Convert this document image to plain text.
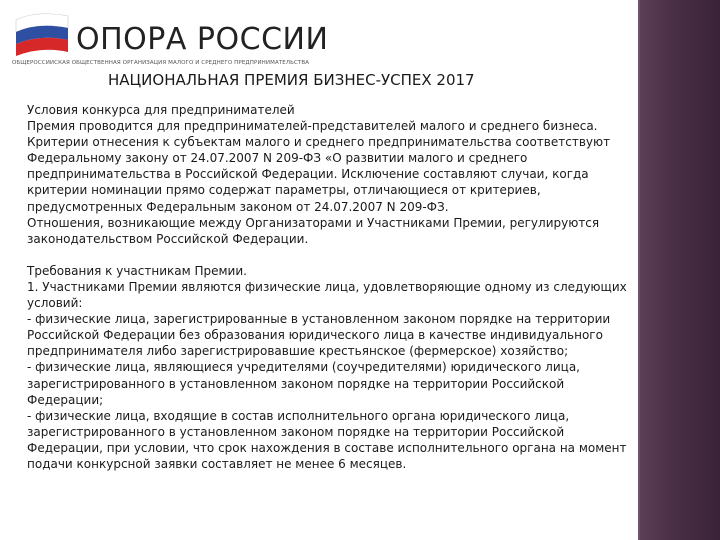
ОПОРА РОССИИ
ОБЩЕРОССИЙСКАЯ ОБЩЕСТВЕННАЯ ОРГАНИЗАЦИЯ МАЛОГО И СРЕДНЕГО ПРЕДПРИНИМАТЕЛЬСТВА
НАЦИОНАЛЬНАЯ ПРЕМИЯ БИЗНЕС-УСПЕХ 2017

Условия конкурса для предпринимателей

Премия проводится для предпринимателей-представителей малого и среднего бизнеса.

Критерии отнесения к субъектам малого и среднего предпринимательства соответствуют Федеральному закону от 24.07.2007 N 209-ФЗ «О развитии малого и среднего предпринимательства в Российской Федерации. Исключение составляют случаи, когда критерии номинации прямо содержат параметры, отличающиеся от критериев, предусмотренных Федеральным законом от 24.07.2007 N 209-ФЗ.

Отношения, возникающие между Организаторами и Участниками Премии, регулируются законодательством Российской Федерации.

Требования к участникам Премии.

1. Участниками Премии являются физические лица, удовлетворяющие одному из следующих условий:

- физические лица, зарегистрированные в установленном законом порядке на территории Российской Федерации без образования юридического лица в качестве индивидуального предпринимателя либо зарегистрировавшие крестьянское (фермерское) хозяйство;

- физические лица, являющиеся учредителями (соучредителями) юридического лица, зарегистрированного в установленном законом порядке на территории Российской Федерации;

- физические лица, входящие в состав исполнительного органа юридического лица, зарегистрированного в установленном законом порядке на территории Российской Федерации, при условии, что срок нахождения в составе исполнительного органа на момент подачи конкурсной заявки составляет не менее 6 месяцев.
